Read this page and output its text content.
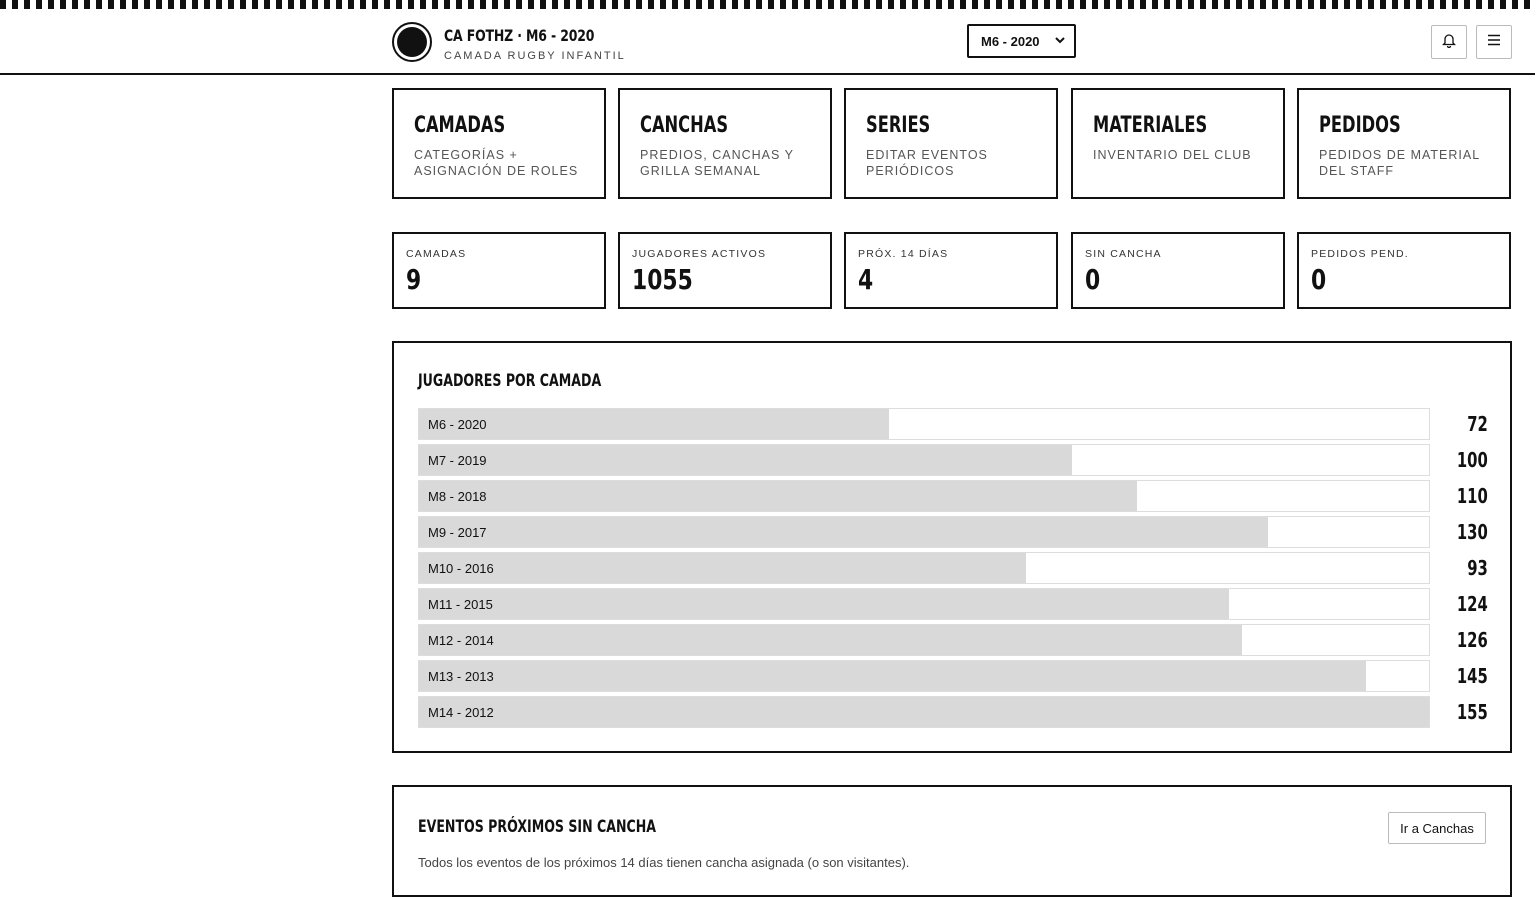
CA FOTHZ · M6 - 2020
CAMADA RUGBY INFANTIL
M6 - 2020
CAMADAS
CATEGORÍAS + ASIGNACIÓN DE ROLES
CANCHAS
PREDIOS, CANCHAS Y GRILLA SEMANAL
SERIES
EDITAR EVENTOS PERIÓDICOS
MATERIALES
INVENTARIO DEL CLUB
PEDIDOS
PEDIDOS DE MATERIAL DEL STAFF
CAMADAS
9
JUGADORES ACTIVOS
1055
PRÓX. 14 DÍAS
4
SIN CANCHA
0
PEDIDOS PEND.
0
JUGADORES POR CAMADA
M6 - 2020	72
M7 - 2019	100
M8 - 2018	110
M9 - 2017	130
M10 - 2016	93
M11 - 2015	124
M12 - 2014	126
M13 - 2013	145
M14 - 2012	155
EVENTOS PRÓXIMOS SIN CANCHA	Ir a Canchas
Todos los eventos de los próximos 14 días tienen cancha asignada (o son visitantes).
